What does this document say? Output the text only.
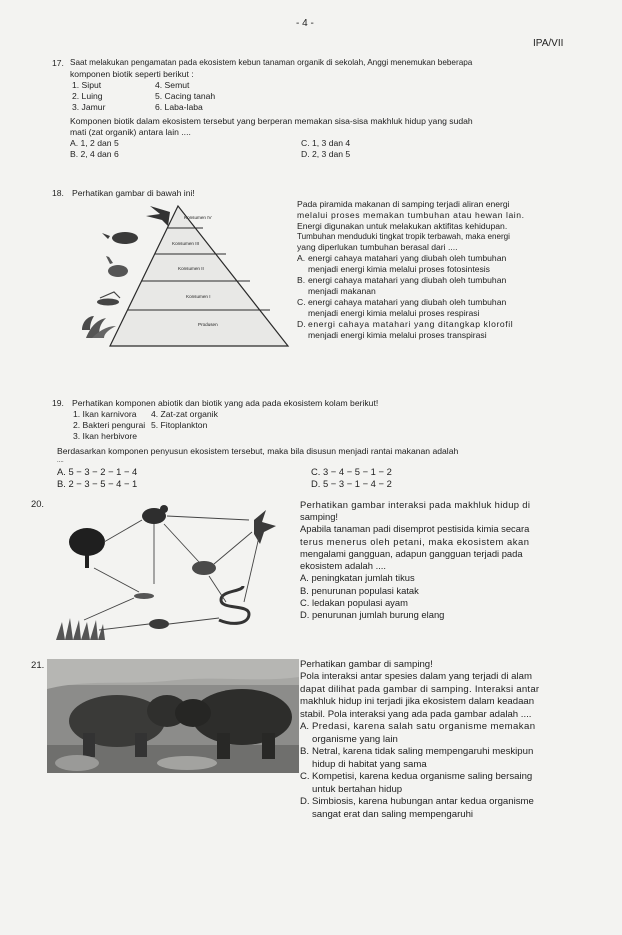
- 4 -
IPA/VII
17. Saat melakukan pengamatan pada ekosistem kebun tanaman organik di sekolah, Anggi menemukan beberapa
komponen biotik seperti berikut :
1. Siput	4. Semut
2. Luing	5. Cacing tanah
3. Jamur	6. Laba-laba
Komponen biotik dalam ekosistem tersebut yang berperan memakan sisa-sisa makhluk hidup yang sudah
mati (zat organik) antara lain ....
A. 1, 2 dan 5	C. 1, 3 dan 4
B. 2, 4 dan 6	D. 2, 3 dan 5
18. Perhatikan gambar di bawah ini!
Konsumen IV
Konsumen III
Konsumen II
Konsumen I
Produsen
Pada piramida makanan di samping terjadi aliran energi
melalui proses memakan tumbuhan atau hewan lain.
Energi digunakan untuk melakukan aktifitas kehidupan.
Tumbuhan menduduki tingkat tropik terbawah, maka energi
yang diperlukan tumbuhan berasal dari ....
A. energi cahaya matahari yang diubah oleh tumbuhan
menjadi energi kimia melalui proses fotosintesis
B. energi cahaya matahari yang diubah oleh tumbuhan
menjadi makanan
C. energi cahaya matahari yang diubah oleh tumbuhan
menjadi energi kimia melalui proses respirasi
D. energi cahaya matahari yang ditangkap klorofil
menjadi energi kimia melalui proses transpirasi
19. Perhatikan komponen abiotik dan biotik yang ada pada ekosistem kolam berikut!
1. Ikan karnivora	4. Zat-zat organik
2. Bakteri pengurai 5. Fitoplankton
3. Ikan herbivore
Berdasarkan komponen penyusun ekosistem tersebut, maka bila disusun menjadi rantai makanan adalah
....
A. 5 − 3 − 2 − 1 − 4	C. 3 − 4 − 5 − 1 − 2
B. 2 − 3 − 5 − 4 − 1	D. 5 − 3 − 1 − 4 − 2
20.	Perhatikan gambar interaksi pada makhluk hidup di
samping!
Apabila tanaman padi disemprot pestisida kimia secara
terus menerus oleh petani, maka ekosistem akan
mengalami gangguan, adapun gangguan terjadi pada
ekosistem adalah ....
A. peningkatan jumlah tikus
B. penurunan populasi katak
C. ledakan populasi ayam
D. penurunan jumlah burung elang
21.	Perhatikan gambar di samping!
Pola interaksi antar spesies dalam yang terjadi di alam
dapat dilihat pada gambar di samping. Interaksi antar
makhluk hidup ini terjadi jika ekosistem dalam keadaan
stabil. Pola interaksi yang ada pada gambar adalah ....
A. Predasi, karena salah satu organisme memakan
organisme yang lain
B. Netral, karena tidak saling mempengaruhi meskipun
hidup di habitat yang sama
C. Kompetisi, karena kedua organisme saling bersaing
untuk bertahan hidup
D. Simbiosis, karena hubungan antar kedua organisme
sangat erat dan saling mempengaruhi
